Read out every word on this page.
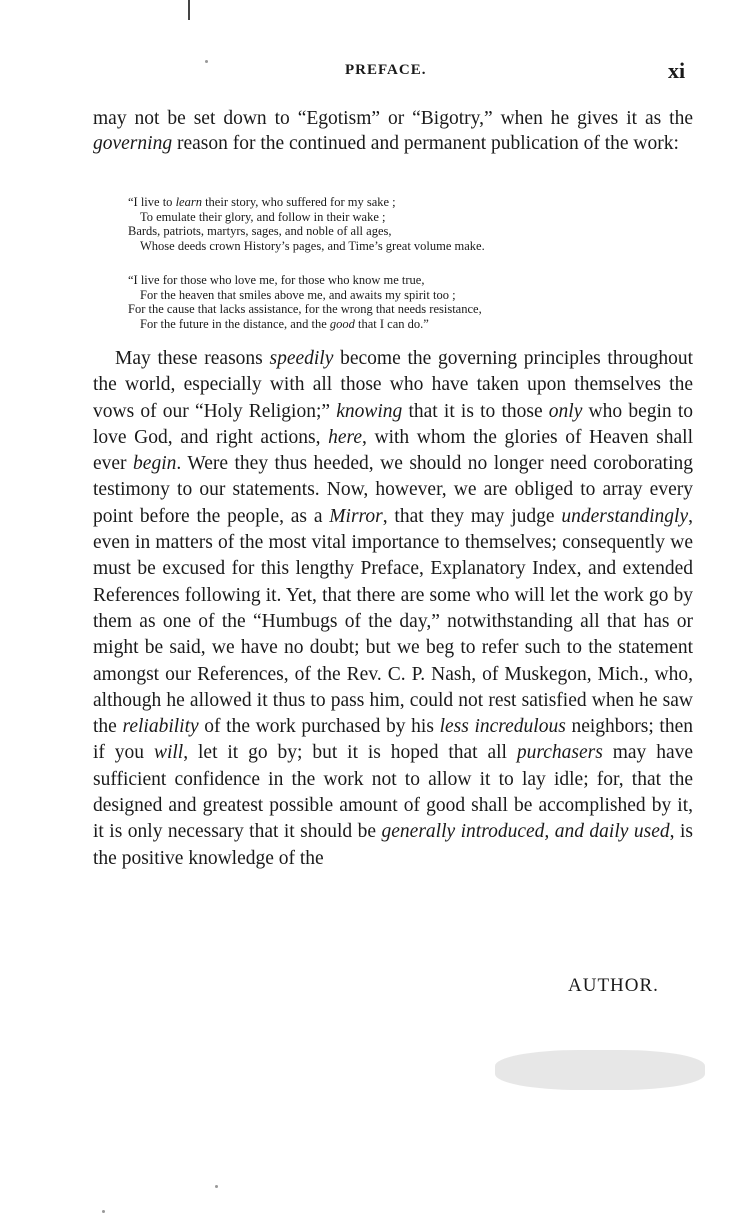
PREFACE.	xi

may not be set down to “Egotism” or “Bigotry,” when he gives it as the governing reason for the continued and permanent publication of the work:

“I live to learn their story, who suffered for my sake ;
To emulate their glory, and follow in their wake ;
Bards, patriots, martyrs, sages, and noble of all ages,
Whose deeds crown History’s pages, and Time’s great volume make.
“I live for those who love me, for those who know me true,
For the heaven that smiles above me, and awaits my spirit too ;
For the cause that lacks assistance, for the wrong that needs resistance,
For the future in the distance, and the good that I can do.”

May these reasons speedily become the governing principles throughout the world, especially with all those who have taken upon themselves the vows of our “Holy Religion;” knowing that it is to those only who begin to love God, and right actions, here, with whom the glories of Heaven shall ever begin. Were they thus heeded, we should no longer need coroborating testimony to our statements. Now, however, we are obliged to array every point before the people, as a Mirror, that they may judge understandingly, even in matters of the most vital importance to themselves; consequently we must be excused for this lengthy Preface, Explanatory Index, and extended References following it. Yet, that there are some who will let the work go by them as one of the “Humbugs of the day,” notwithstanding all that has or might be said, we have no doubt; but we beg to refer such to the statement amongst our References, of the Rev. C. P. Nash, of Muskegon, Mich., who, although he allowed it thus to pass him, could not rest satisfied when he saw the reliability of the work purchased by his less incredulous neighbors; then if you will, let it go by; but it is hoped that all purchasers may have sufficient confidence in the work not to allow it to lay idle; for, that the designed and greatest possible amount of good shall be accomplished by it, it is only necessary that it should be generally introduced, and daily used, is the positive knowledge of the

AUTHOR.
